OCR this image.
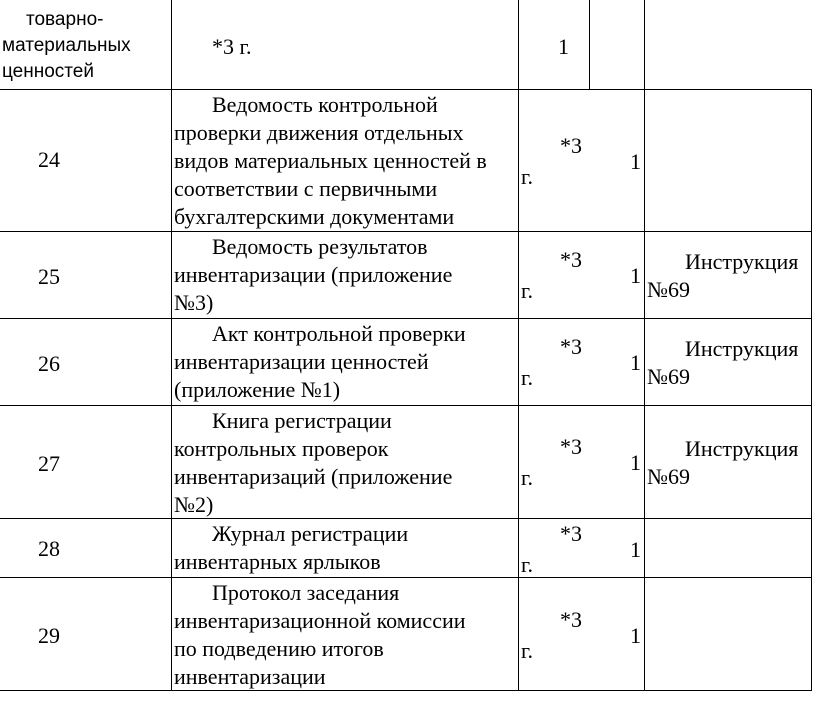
товарно-
материальных
ценностей
*3 г.	1
24
Ведомость контрольной
проверки движения отдельных
видов материальных ценностей в
соответствии с первичными
бухгалтерскими документами
*3
г.
1
25
Ведомость результатов
инвентаризации (приложение
№3)
*3
г.
1
Инструкция
№69
26
Акт контрольной проверки
инвентаризации ценностей
(приложение №1)
*3
г.
1
Инструкция
№69
27
Книга регистрации
контрольных проверок
инвентаризаций (приложение
№2)
*3
г.
1
Инструкция
№69
28
Журнал регистрации
инвентарных ярлыков
*3
г.
1
29
Протокол заседания
инвентаризационной комиссии
по подведению итогов
инвентаризации
*3
г.
1
